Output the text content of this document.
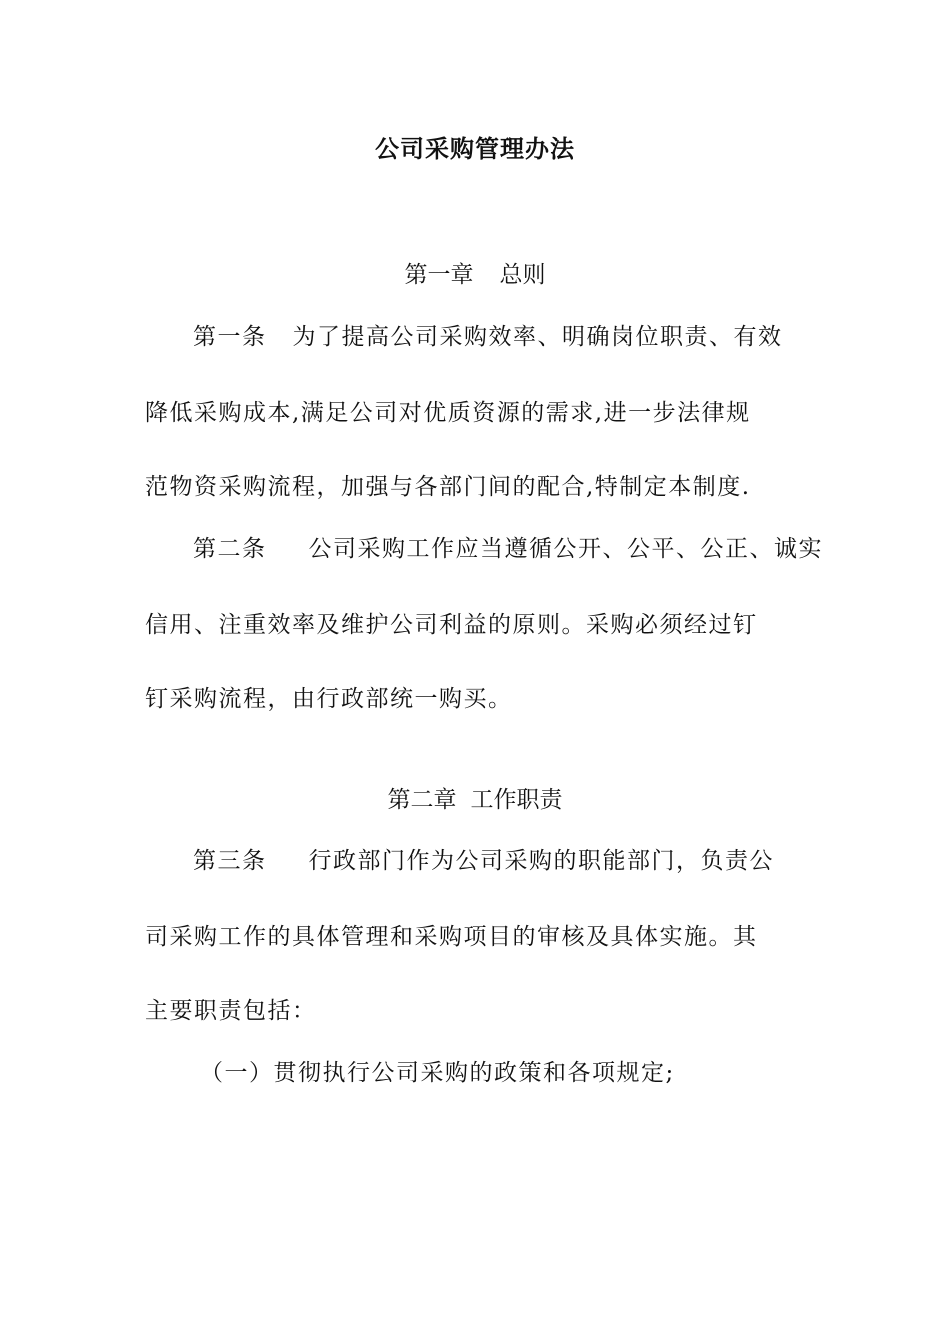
公司采购管理办法
第一章 总则
第一条 为了提高公司采购效率、明确岗位职责、有效
降低采购成本,满足公司对优质资源的需求,进一步法律规
范物资采购流程，加强与各部门间的配合,特制定本制度.
第二条 公司采购工作应当遵循公开、公平、公正、诚实
信用、注重效率及维护公司利益的原则。采购必须经过钉
钉采购流程，由行政部统一购买。
第二章 工作职责
第三条 行政部门作为公司采购的职能部门，负责公
司采购工作的具体管理和采购项目的审核及具体实施。其
主要职责包括：
（一）贯彻执行公司采购的政策和各项规定;
